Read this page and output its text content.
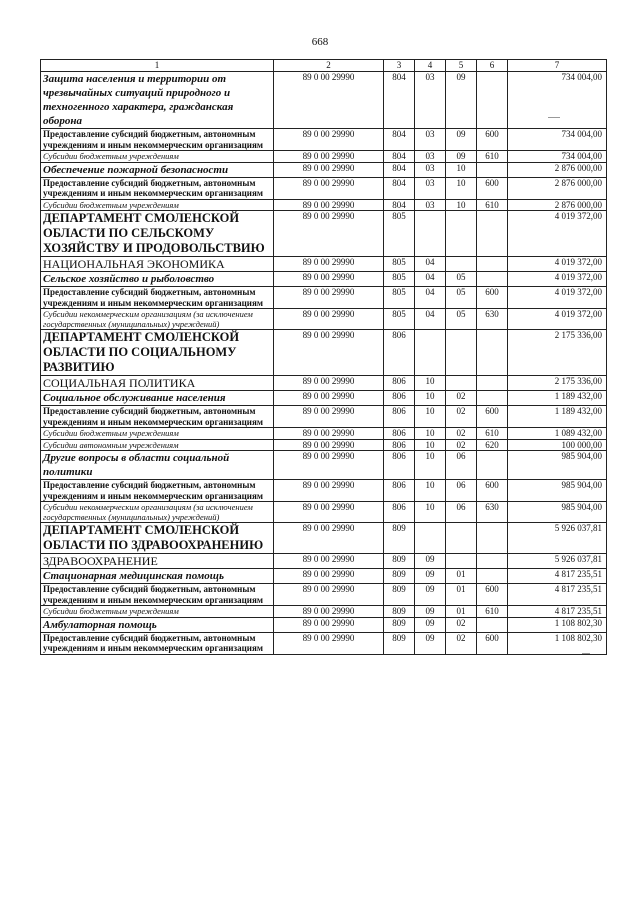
668
1	2	3	4	5	6	7
Защита населения и территории от чрезвычайных ситуаций природного и техногенного характера, гражданская оборона	89 0 00 29990	804	03	09		734 004,00
Предоставление субсидий бюджетным, автономным учреждениям и иным некоммерческим организациям	89 0 00 29990	804	03	09	600	734 004,00
Субсидии бюджетным учреждениям	89 0 00 29990	804	03	09	610	734 004,00
Обеспечение пожарной безопасности	89 0 00 29990	804	03	10		2 876 000,00
Предоставление субсидий бюджетным, автономным учреждениям и иным некоммерческим организациям	89 0 00 29990	804	03	10	600	2 876 000,00
Субсидии бюджетным учреждениям	89 0 00 29990	804	03	10	610	2 876 000,00
ДЕПАРТАМЕНТ СМОЛЕНСКОЙ ОБЛАСТИ ПО СЕЛЬСКОМУ ХОЗЯЙСТВУ И ПРОДОВОЛЬСТВИЮ	89 0 00 29990	805				4 019 372,00
НАЦИОНАЛЬНАЯ ЭКОНОМИКА	89 0 00 29990	805	04			4 019 372,00
Сельское хозяйство и рыболовство	89 0 00 29990	805	04	05		4 019 372,00
Предоставление субсидий бюджетным, автономным учреждениям и иным некоммерческим организациям	89 0 00 29990	805	04	05	600	4 019 372,00
Субсидии некоммерческим организациям (за исключением государственных (муниципальных) учреждений)	89 0 00 29990	805	04	05	630	4 019 372,00
ДЕПАРТАМЕНТ СМОЛЕНСКОЙ ОБЛАСТИ ПО СОЦИАЛЬНОМУ РАЗВИТИЮ	89 0 00 29990	806				2 175 336,00
СОЦИАЛЬНАЯ ПОЛИТИКА	89 0 00 29990	806	10			2 175 336,00
Социальное обслуживание населения	89 0 00 29990	806	10	02		1 189 432,00
Предоставление субсидий бюджетным, автономным учреждениям и иным некоммерческим организациям	89 0 00 29990	806	10	02	600	1 189 432,00
Субсидии бюджетным учреждениям	89 0 00 29990	806	10	02	610	1 089 432,00
Субсидии автономным учреждениям	89 0 00 29990	806	10	02	620	100 000,00
Другие вопросы в области социальной политики	89 0 00 29990	806	10	06		985 904,00
Предоставление субсидий бюджетным, автономным учреждениям и иным некоммерческим организациям	89 0 00 29990	806	10	06	600	985 904,00
Субсидии некоммерческим организациям (за исключением государственных (муниципальных) учреждений)	89 0 00 29990	806	10	06	630	985 904,00
ДЕПАРТАМЕНТ СМОЛЕНСКОЙ ОБЛАСТИ ПО ЗДРАВООХРАНЕНИЮ	89 0 00 29990	809				5 926 037,81
ЗДРАВООХРАНЕНИЕ	89 0 00 29990	809	09			5 926 037,81
Стационарная медицинская помощь	89 0 00 29990	809	09	01		4 817 235,51
Предоставление субсидий бюджетным, автономным учреждениям и иным некоммерческим организациям	89 0 00 29990	809	09	01	600	4 817 235,51
Субсидии бюджетным учреждениям	89 0 00 29990	809	09	01	610	4 817 235,51
Амбулаторная помощь	89 0 00 29990	809	09	02		1 108 802,30
Предоставление субсидий бюджетным, автономным учреждениям и иным некоммерческим организациям	89 0 00 29990	809	09	02	600	1 108 802,30
